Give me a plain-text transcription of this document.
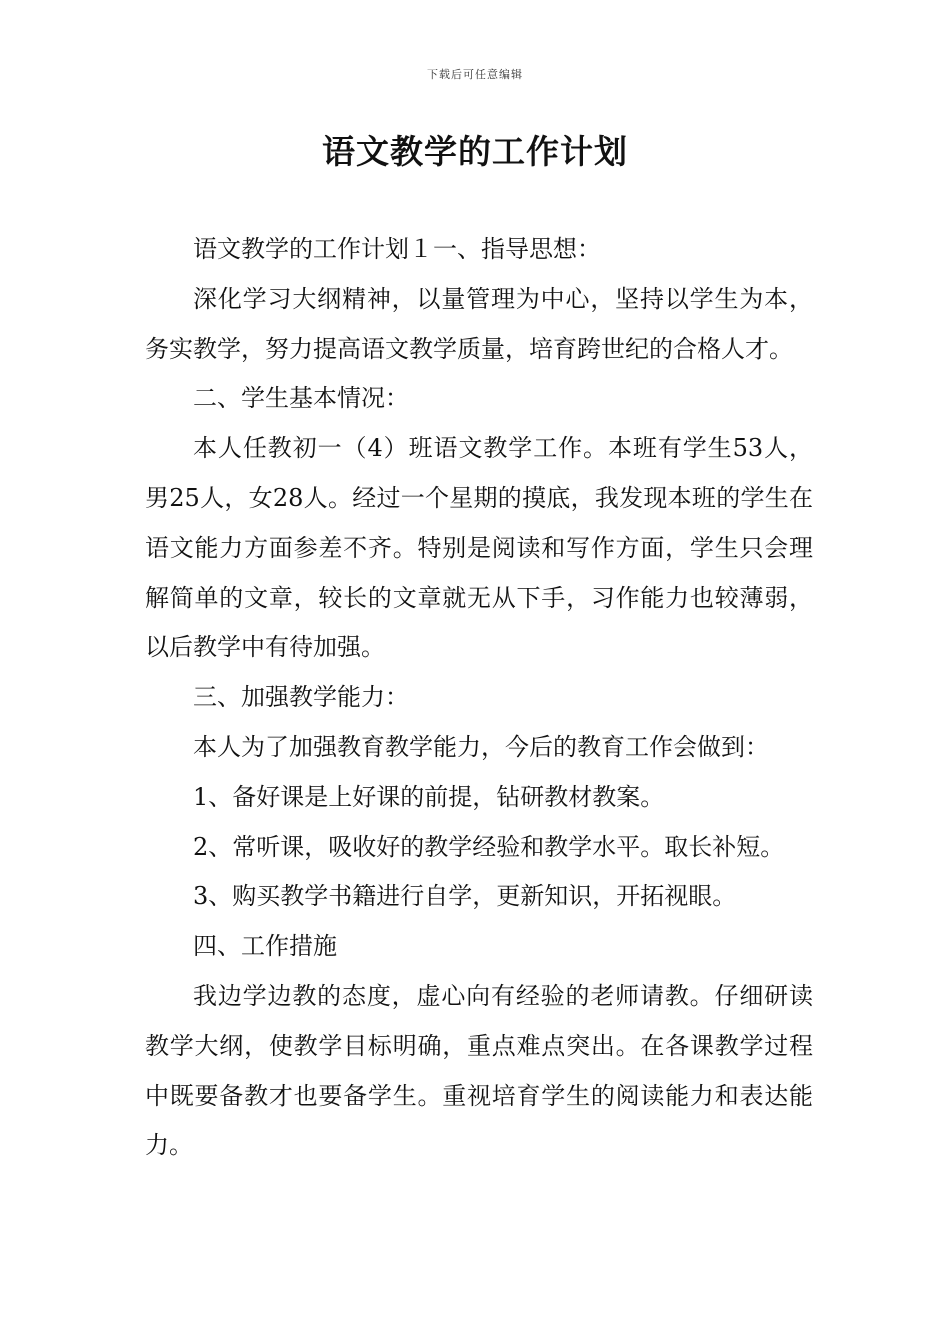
下载后可任意编辑
语文教学的工作计划

语文教学的工作计划１一、指导思想：

深化学习大纲精神，以量管理为中心，坚持以学生为本，务实教学，努力提高语文教学质量，培育跨世纪的合格人才。

二、学生基本情况：

本人任教初一（4）班语文教学工作。本班有学生53人，男25人，女28人。经过一个星期的摸底，我发现本班的学生在语文能力方面参差不齐。特别是阅读和写作方面，学生只会理解简单的文章，较长的文章就无从下手，习作能力也较薄弱，以后教学中有待加强。

三、加强教学能力：

本人为了加强教育教学能力，今后的教育工作会做到：

1、备好课是上好课的前提，钻研教材教案。

2、常听课，吸收好的教学经验和教学水平。取长补短。

3、购买教学书籍进行自学，更新知识，开拓视眼。

四、工作措施

我边学边教的态度，虚心向有经验的老师请教。仔细研读教学大纲，使教学目标明确，重点难点突出。在各课教学过程中既要备教才也要备学生。重视培育学生的阅读能力和表达能力。
